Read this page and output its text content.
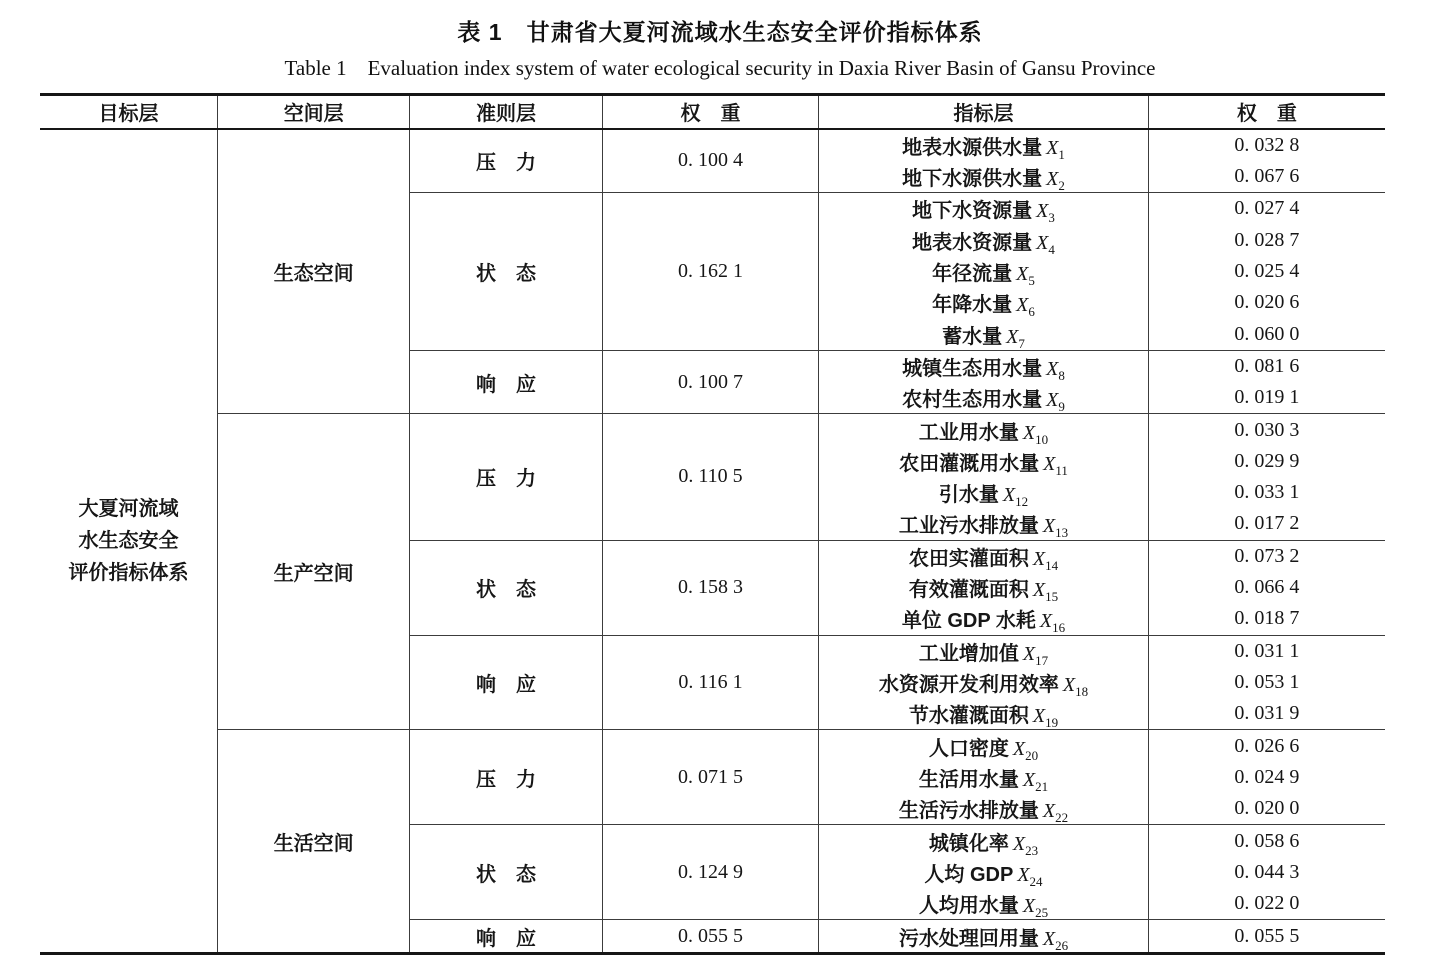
表 1 甘肃省大夏河流域水生态安全评价指标体系
Table 1 Evaluation index system of water ecological security in Daxia River Basin of Gansu Province
目标层	空间层	准则层	权　重	指标层	权　重

大夏河流域
水生态安全
评价指标体系	生态空间	压　力	0. 100 4	地表水源供水量 $X_1$	0. 032 8
				地下水源供水量 $X_2$	0. 067 6
		状　态	0. 162 1	地下水资源量 $X_3$	0. 027 4
				地表水资源量 $X_4$	0. 028 7
				年径流量 $X_5$	0. 025 4
				年降水量 $X_6$	0. 020 6
				蓄水量 $X_7$	0. 060 0
		响　应	0. 100 7	城镇生态用水量 $X_8$	0. 081 6
				农村生态用水量 $X_9$	0. 019 1
	生产空间	压　力	0. 110 5	工业用水量 $X_{10}$	0. 030 3
				农田灌溉用水量 $X_{11}$	0. 029 9
				引水量 $X_{12}$	0. 033 1
				工业污水排放量 $X_{13}$	0. 017 2
		状　态	0. 158 3	农田实灌面积 $X_{14}$	0. 073 2
				有效灌溉面积 $X_{15}$	0. 066 4
				单位 GDP 水耗 $X_{16}$	0. 018 7
		响　应	0. 116 1	工业增加值 $X_{17}$	0. 031 1
				水资源开发利用效率 $X_{18}$	0. 053 1
				节水灌溉面积 $X_{19}$	0. 031 9
	生活空间	压　力	0. 071 5	人口密度 $X_{20}$	0. 026 6
				生活用水量 $X_{21}$	0. 024 9
				生活污水排放量 $X_{22}$	0. 020 0
		状　态	0. 124 9	城镇化率 $X_{23}$	0. 058 6
				人均 GDP $X_{24}$	0. 044 3
				人均用水量 $X_{25}$	0. 022 0
		响　应	0. 055 5	污水处理回用量 $X_{26}$	0. 055 5
